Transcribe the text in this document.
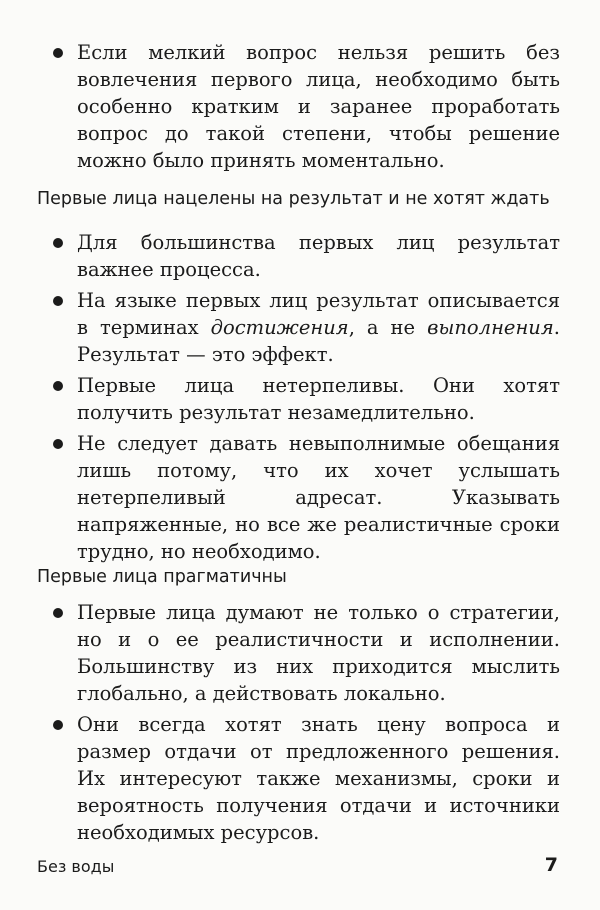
Если мелкий вопрос нельзя решить без вовлечения первого лица, необходимо быть особенно кратким и заранее проработать вопрос до такой степени, чтобы решение можно было принять моментально.
Первые лица нацелены на результат и не хотят ждать
Для большинства первых лиц результат важнее процесса.
На языке первых лиц результат описывается в терминах достижения, а не выполнения. Результат — это эффект.
Первые лица нетерпеливы. Они хотят получить результат незамедлительно.
Не следует давать невыполнимые обещания лишь потому, что их хочет услышать нетерпеливый адресат. Указывать напряженные, но все же реалистичные сроки трудно, но необходимо.
Первые лица прагматичны
Первые лица думают не только о стратегии, но и о ее реалистичности и исполнении. Большинству из них приходится мыслить глобально, а действовать локально.
Они всегда хотят знать цену вопроса и размер отдачи от предложенного решения. Их интересуют также механизмы, сроки и вероятность получения отдачи и источники необходимых ресурсов.
Без воды	7
